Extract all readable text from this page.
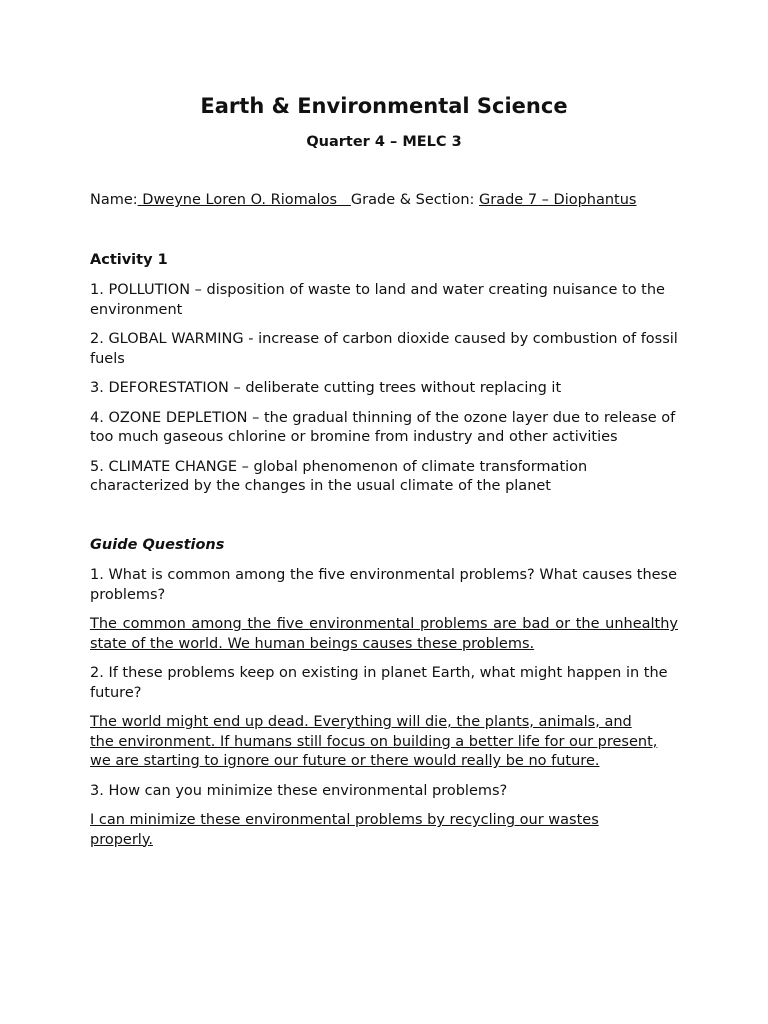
Earth & Environmental Science
Quarter 4 – MELC 3

Name: Dweyne Loren O. Riomalos   Grade & Section: Grade 7 – Diophantus

Activity 1

1. POLLUTION – disposition of waste to land and water creating nuisance to the environment

2. GLOBAL WARMING - increase of carbon dioxide caused by combustion of fossil fuels

3. DEFORESTATION – deliberate cutting trees without replacing it

4. OZONE DEPLETION – the gradual thinning of the ozone layer due to release of too much gaseous chlorine or bromine from industry and other activities

5. CLIMATE CHANGE – global phenomenon of climate transformation characterized by the changes in the usual climate of the planet

Guide Questions

1. What is common among the five environmental problems? What causes these problems?

The common among the five environmental problems are bad or the unhealthy state of the world. We human beings causes these problems.

2. If these problems keep on existing in planet Earth, what might happen in the future?

The world might end up dead. Everything will die, the plants, animals, and the environment. If humans still focus on building a better life for our present, we are starting to ignore our future or there would really be no future.

3. How can you minimize these environmental problems?

I can minimize these environmental problems by recycling our wastes properly.
